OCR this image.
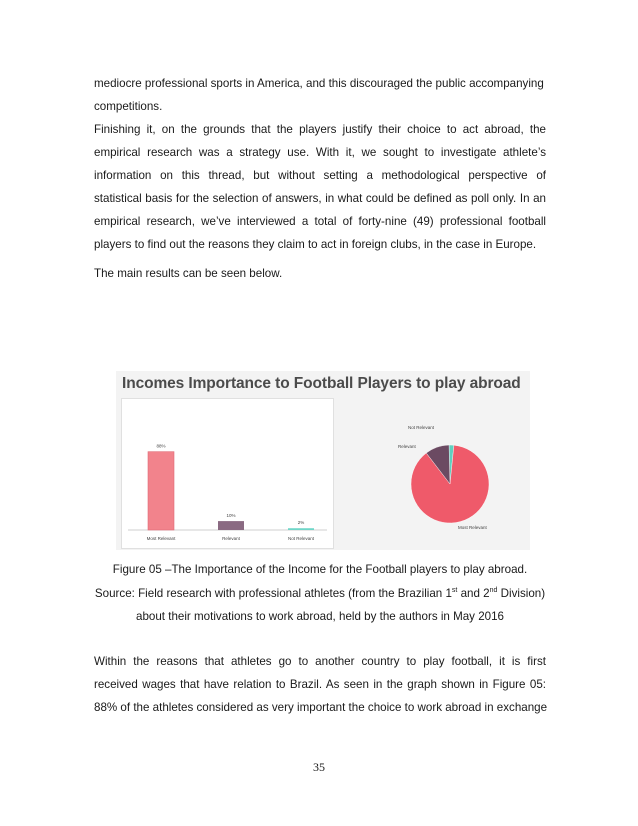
mediocre professional sports in America, and this discouraged the public accompanying
competitions.
Finishing it, on the grounds that the players justify their choice to act abroad, the
empirical research was a strategy use. With it, we sought to investigate athlete’s
information on this thread, but without setting a methodological perspective of
statistical basis for the selection of answers, in what could be defined as poll only. In an
empirical research, we’ve interviewed a total of forty-nine (49) professional football
players to find out the reasons they claim to act in foreign clubs, in the case in Europe.

The main results can be seen below.

Incomes Importance to Football Players to play abroad
88%
Most Relevant
10%
Relevant
2%
Not Relevant
Most Relevant
Relevant
Not Relevant
Figure 05 –The Importance of the Income for the Football players to play abroad.
Source: Field research with professional athletes (from the Brazilian 1st and 2nd Division)
about their motivations to work abroad, held by the authors in May 2016
Within the reasons that athletes go to another country to play football, it is first
received wages that have relation to Brazil. As seen in the graph shown in Figure 05:
88% of the athletes considered as very important the choice to work abroad in exchange
35
